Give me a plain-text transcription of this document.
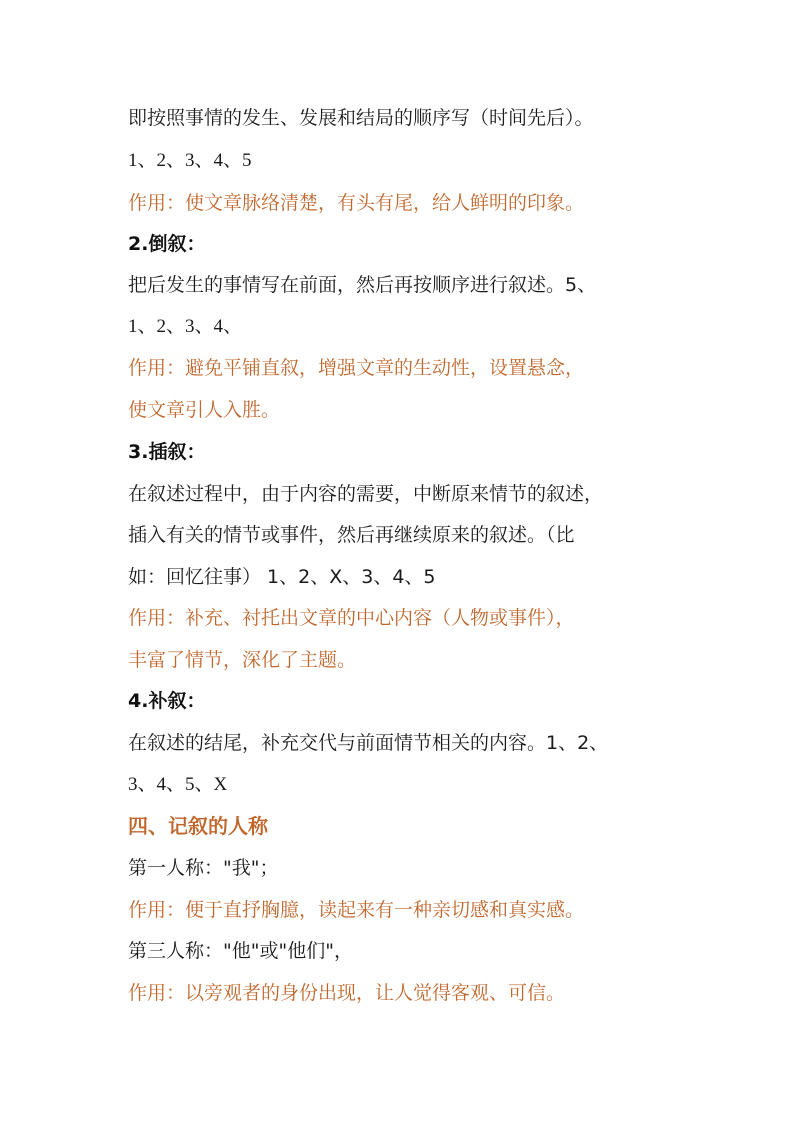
即按照事情的发生、发展和结局的顺序写（时间先后）。
1、2、3、4、5
作用：使文章脉络清楚，有头有尾，给人鲜明的印象。
2.倒叙：
把后发生的事情写在前面，然后再按顺序进行叙述。5、
1、2、3、4、
作用：避免平铺直叙，增强文章的生动性，设置悬念，
使文章引人入胜。
3.插叙：
在叙述过程中，由于内容的需要，中断原来情节的叙述，
插入有关的情节或事件，然后再继续原来的叙述。（比
如：回忆往事） 1、2、X、3、4、5
作用：补充、衬托出文章的中心内容（人物或事件），
丰富了情节，深化了主题。
4.补叙：
在叙述的结尾，补充交代与前面情节相关的内容。1、2、
3、4、5、X
四、记叙的人称
第一人称："我"；
作用：便于直抒胸臆，读起来有一种亲切感和真实感。
第三人称："他"或"他们"，
作用：以旁观者的身份出现，让人觉得客观、可信。
